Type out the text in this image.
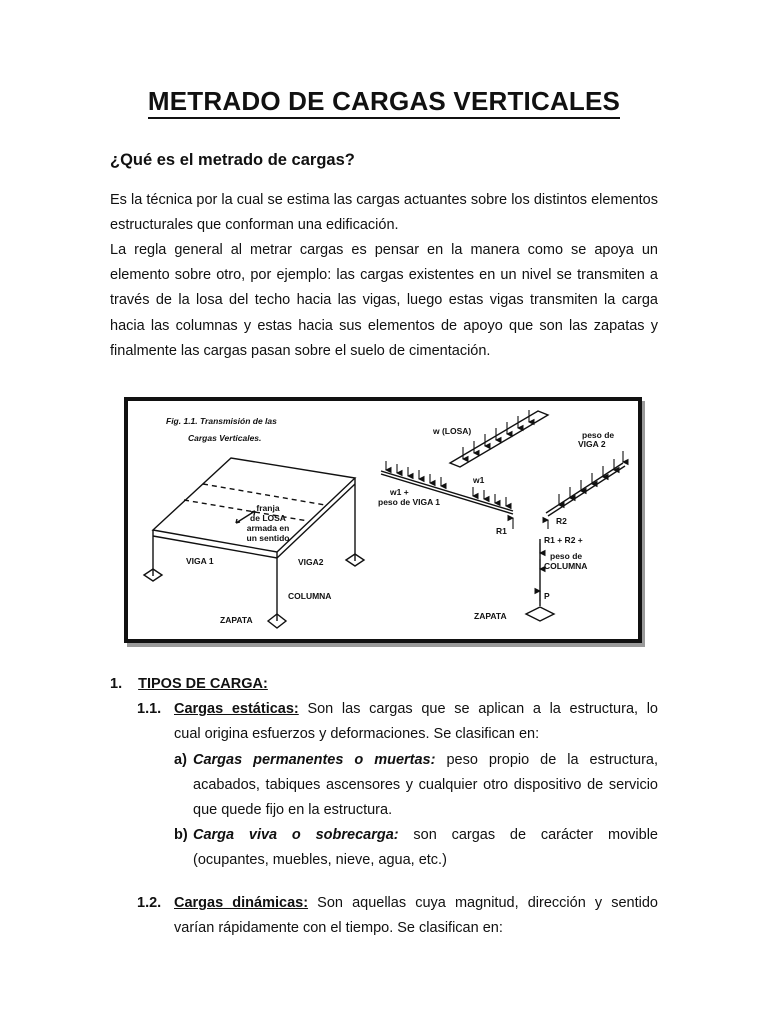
METRADO DE CARGAS VERTICALES
¿Qué es el metrado de cargas?

Es la técnica por la cual se estima las cargas actuantes sobre los distintos elementos estructurales que conforman una edificación.

La regla general al metrar cargas es pensar en la manera como se apoya un elemento sobre otro, por ejemplo: las cargas existentes en un nivel se transmiten a través de la losa del techo hacia las vigas, luego estas vigas transmiten la carga hacia las columnas y estas hacia sus elementos de apoyo que son las zapatas y finalmente las cargas pasan sobre el suelo de cimentación.

Fig. 1.1. Transmisión de las
Cargas Verticales.
franja
de LOSA
armada en
un sentido
VIGA 1	VIGA2
COLUMNA
ZAPATA
w (LOSA)	peso de
VIGA 2
w1
w1 +
peso de VIGA 1
R1
R2
R1 + R2 +
peso de
COLUMNA
P
ZAPATA
1. TIPOS DE CARGA:
1.1. Cargas estáticas: Son las cargas que se aplican a la estructura, lo
cual origina esfuerzos y deformaciones. Se clasifican en:
a) Cargas permanentes o muertas: peso propio de la estructura,
acabados, tabiques ascensores y cualquier otro dispositivo de servicio que quede fijo en la estructura.
b) Carga viva o sobrecarga: son cargas de carácter movible
(ocupantes, muebles, nieve, agua, etc.)
1.2. Cargas dinámicas: Son aquellas cuya magnitud, dirección y sentido
varían rápidamente con el tiempo. Se clasifican en:
